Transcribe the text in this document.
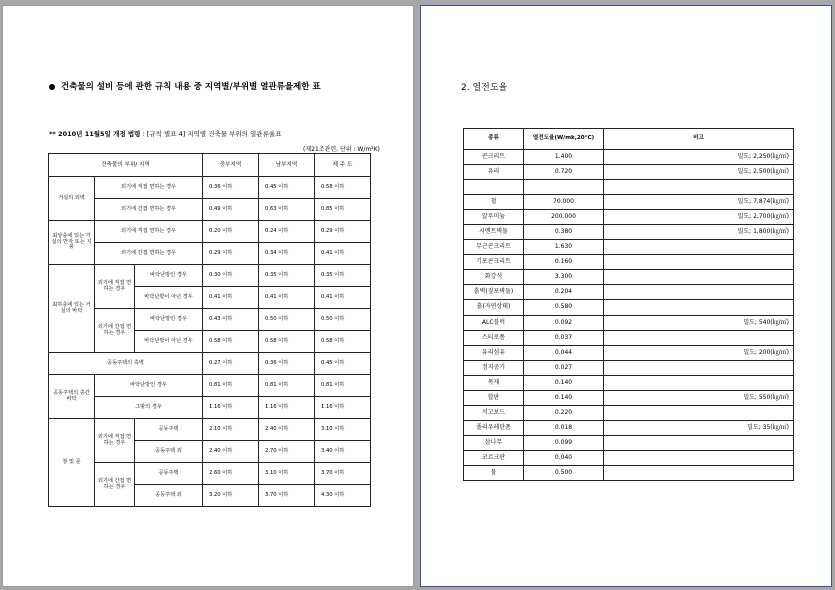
건축물의 설비 등에 관한 규칙 내용 중 지역별/부위별 열관류율제한 표
** 2010년 11월5일 개정 법령 : [규칙 별표 4] 지역별 건축물 부위의 열관류율표
(제21조관련, 단위 : W/m²K)
건축물의 부위/ 지역			중부지역	남부지역	제 주 도
거실의 외벽	외기에 직접 면하는 경우		0.36 이하	0.45 이하	0.58 이하
	외기에 간접 면하는 경우		0.49 이하	0.63 이하	0.85 이하
최상층에 있는 거실의 반자 또는 지붕	외기에 직접 면하는 경우		0.20 이하	0.24 이하	0.29 이하
	외기에 간접 면하는 경우		0.29 이하	0.34 이하	0.41 이하
최하층에 있는 거실의 바닥	외기에 직접 면하는 경우	바닥난방인 경우	0.30 이하	0.35 이하	0.35 이하
		바닥난방이 아닌 경우	0.41 이하	0.41 이하	0.41 이하
	외기에 간접 면하는 경우	바닥난방인 경우	0.43 이하	0.50 이하	0.50 이하
		바닥난방이 아닌 경우	0.58 이하	0.58 이하	0.58 이하
공동주택의 측벽			0.27 이하	0.36 이하	0.45 이하
공동주택의 층간 바닥	바닥난방인 경우		0.81 이하	0.81 이하	0.81 이하
	그밖의 경우		1.16 이하	1.16 이하	1.16 이하
창 및 문	외기에 직접 면하는 경우	공동주택	2.10 이하	2.40 이하	3.10 이하
		공동주택 외	2.40 이하	2.70 이하	3.40 이하
	외기에 간접 면하는 경우	공동주택	2.60 이하	3.10 이하	3.70 이하
		공동주택 외	3.20 이하	3.70 이하	4.30 이하
2. 열전도율
종류	열전도율(W/mk,20°C)	비고
콘크리트	1.400	밀도; 2,250(㎏/㎥)
유리	0.720	밀도; 2,500(㎏/㎥)

철	70.000	밀도; 7,874(㎏/㎥)
알루미늄	200.000	밀도; 2,700(㎏/㎥)
시멘트벽돌	0.380	밀도; 1,800(㎏/㎥)
무근콘크리트	1.630	
기포콘크리트	0.160	
화강석	3.300	
흙벽(짚포벽돌)	0.204	
흙(자연상태)	0.580	
ALC블럭	0.092	밀도; 540(㎏/㎥)
스티로폼	0.037	
유리섬유	0.044	밀도; 200(㎏/㎥)
정지공기	0.027	
목재	0.140	
합판	0.140	밀도; 550(㎏/㎥)
석고보드	0.220	
폴리우레탄폼	0.018	밀도; 35(㎏/㎥)
삼나무	0.099	
코르크판	0.040	
물	0.500	
